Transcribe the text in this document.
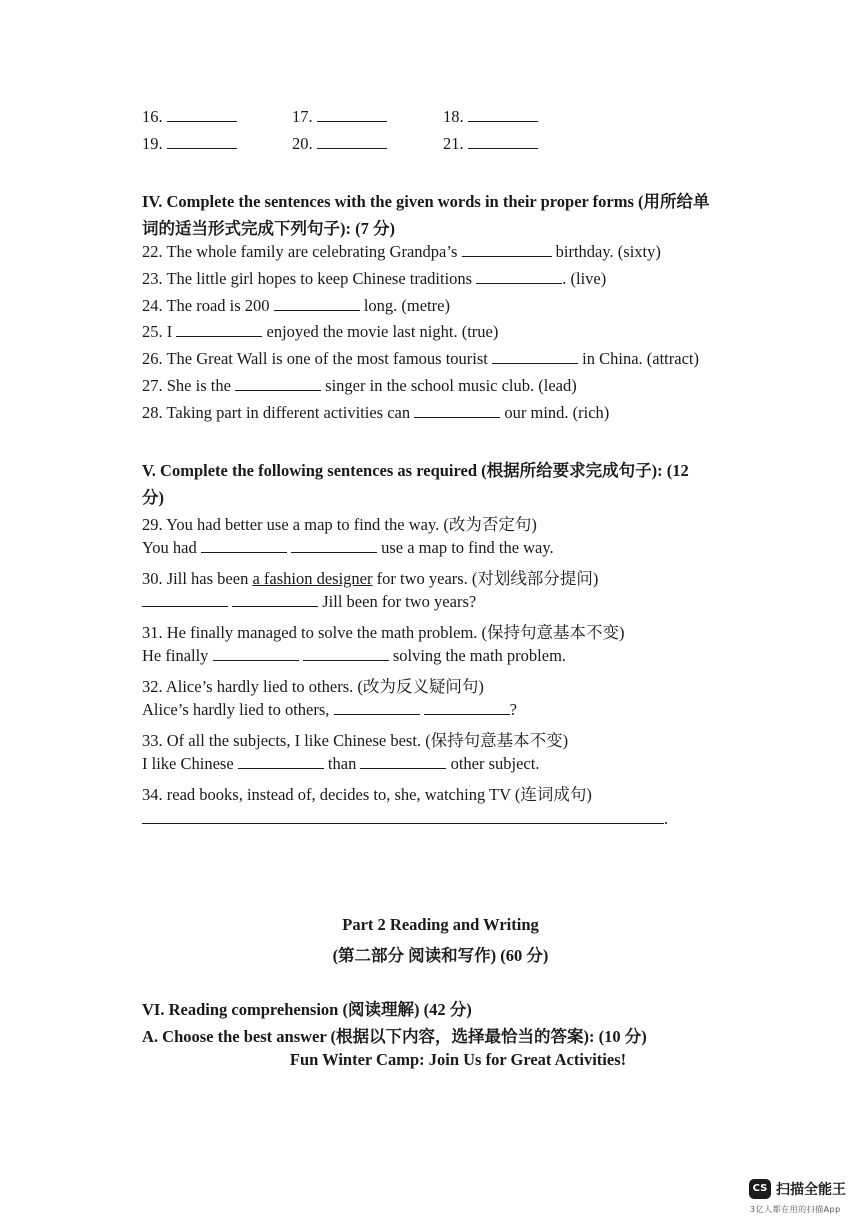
16.	17.	18.
19.	20.	21.
IV. Complete the sentences with the given words in their proper forms (用所给单
词的适当形式完成下列句子): (7 分)
22. The whole family are celebrating Grandpa’s	birthday. (sixty)
23. The little girl hopes to keep Chinese traditions	. (live)
24. The road is 200	long. (metre)
25. I	enjoyed the movie last night. (true)
26. The Great Wall is one of the most famous tourist	in China. (attract)
27. She is the	singer in the school music club. (lead)
28. Taking part in different activities can	our mind. (rich)
V. Complete the following sentences as required (根据所给要求完成句子): (12
分)
29. You had better use a map to find the way. (改为否定句)
You had	use a map to find the way.
30. Jill has been a fashion designer for two years. (对划线部分提问)
Jill been for two years?
31. He finally managed to solve the math problem. (保持句意基本不变)
He finally	solving the math problem.
32. Alice’s hardly lied to others. (改为反义疑问句)
Alice’s hardly lied to others,	?
33. Of all the subjects, I like Chinese best. (保持句意基本不变)
I like Chinese	than	other subject.
34. read books, instead of, decides to, she, watching TV (连词成句)
.
Part 2 Reading and Writing
(第二部分 阅读和写作) (60 分)
VI. Reading comprehension (阅读理解) (42 分)
A. Choose the best answer (根据以下内容，选择最恰当的答案): (10 分)
Fun Winter Camp: Join Us for Great Activities!
CS 扫描全能王
3亿人都在用的扫描App
